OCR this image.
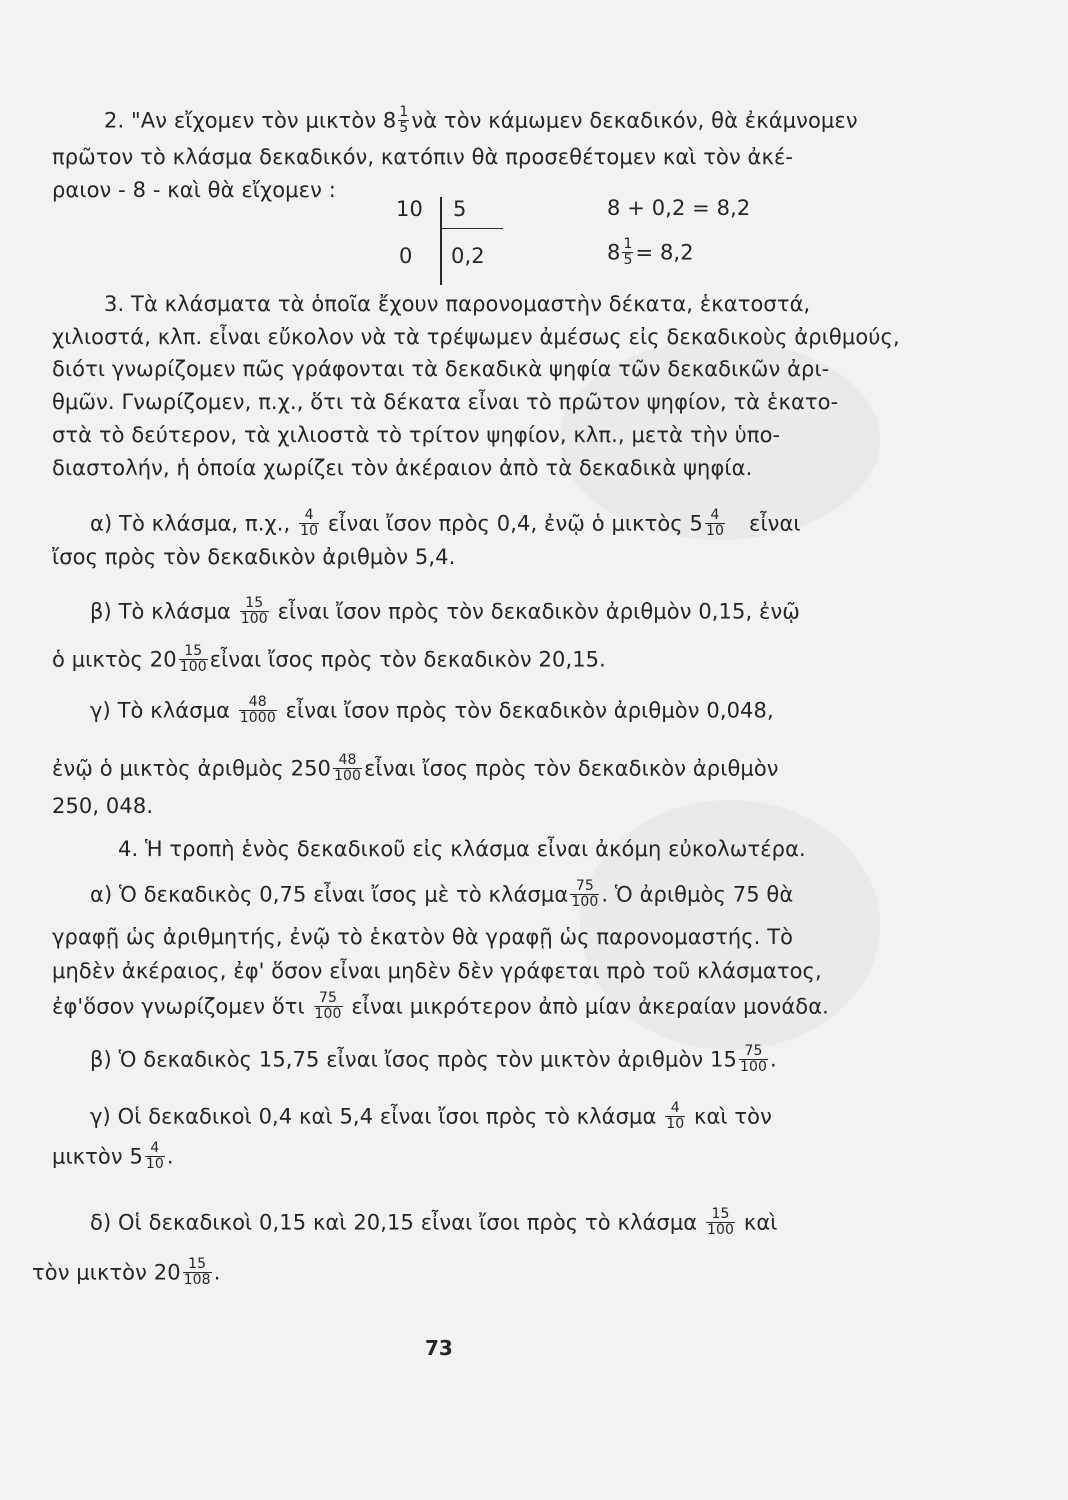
2. "Αν εἴχομεν τὸν μικτὸν $8 \frac{1}{5}$ νὰ τὸν κάμωμεν δεκαδικόν, θὰ ἐκάμνομεν
πρῶτον τὸ κλάσμα δεκαδικόν, κατόπιν θὰ προσεθέτομεν καὶ τὸν ἀκέ-
ραιον - 8 - καὶ θὰ εἴχομεν :
10 5
0 0,2
8 + 0,2 = 8,2
$8 \frac{1}{5} = 8,2$
3. Τὰ κλάσματα τὰ ὁποῖα ἔχουν παρονομαστὴν δέκατα, ἑκατοστά,
χιλιοστά, κλπ. εἶναι εὔκολον νὰ τὰ τρέψωμεν ἀμέσως εἰς δεκαδικοὺς ἀριθμούς,
διότι γνωρίζομεν πῶς γράφονται τὰ δεκαδικὰ ψηφία τῶν δεκαδικῶν ἀρι-
θμῶν. Γνωρίζομεν, π.χ., ὅτι τὰ δέκατα εἶναι τὸ πρῶτον ψηφίον, τὰ ἑκατο-
στὰ τὸ δεύτερον, τὰ χιλιοστὰ τὸ τρίτον ψηφίον, κλπ., μετὰ τὴν ὑπο-
διαστολήν, ἡ ὁποία χωρίζει τὸν ἀκέραιον ἀπὸ τὰ δεκαδικὰ ψηφία.
α) Τὸ κλάσμα, π.χ., $\frac{4}{10}$ εἶναι ἴσον πρὸς 0,4, ἐνῷ ὁ μικτὸς $5 \frac{4}{10}$ εἶναι
ἴσος πρὸς τὸν δεκαδικὸν ἀριθμὸν 5,4.
β) Τὸ κλάσμα $\frac{15}{100}$ εἶναι ἴσον πρὸς τὸν δεκαδικὸν ἀριθμὸν 0,15, ἐνῷ
ὁ μικτὸς $20 \frac{15}{100}$ εἶναι ἴσος πρὸς τὸν δεκαδικὸν 20,15.
γ) Τὸ κλάσμα $\frac{48}{1000}$ εἶναι ἴσον πρὸς τὸν δεκαδικὸν ἀριθμὸν 0,048,
ἐνῷ ὁ μικτὸς ἀριθμὸς $250 \frac{48}{100}$ εἶναι ἴσος πρὸς τὸν δεκαδικὸν ἀριθμὸν
250, 048.
4. Ἡ τροπὴ ἑνὸς δεκαδικοῦ εἰς κλάσμα εἶναι ἀκόμη εὐκολωτέρα.
α) Ὁ δεκαδικὸς 0,75 εἶναι ἴσος μὲ τὸ κλάσμα $\frac{75}{100}$ . Ὁ ἀριθμὸς 75 θὰ
γραφῇ ὡς ἀριθμητής, ἐνῷ τὸ ἑκατὸν θὰ γραφῇ ὡς παρονομαστής. Τὸ
μηδὲν ἀκέραιος, ἐφ' ὅσον εἶναι μηδὲν δὲν γράφεται πρὸ τοῦ κλάσματος,
ἐφ'ὅσον γνωρίζομεν ὅτι $\frac{75}{100}$ εἶναι μικρότερον ἀπὸ μίαν ἀκεραίαν μονάδα.
β) Ὁ δεκαδικὸς 15,75 εἶναι ἴσος πρὸς τὸν μικτὸν ἀριθμὸν $15 \frac{75}{100}$ .
γ) Οἱ δεκαδικοὶ 0,4 καὶ 5,4 εἶναι ἴσοι πρὸς τὸ κλάσμα $\frac{4}{10}$ καὶ τὸν
μικτὸν $5 \frac{4}{10}$ .
δ) Οἱ δεκαδικοὶ 0,15 καὶ 20,15 εἶναι ἴσοι πρὸς τὸ κλάσμα $\frac{15}{100}$ καὶ
τὸν μικτὸν $20 \frac{15}{108}$ .
73
